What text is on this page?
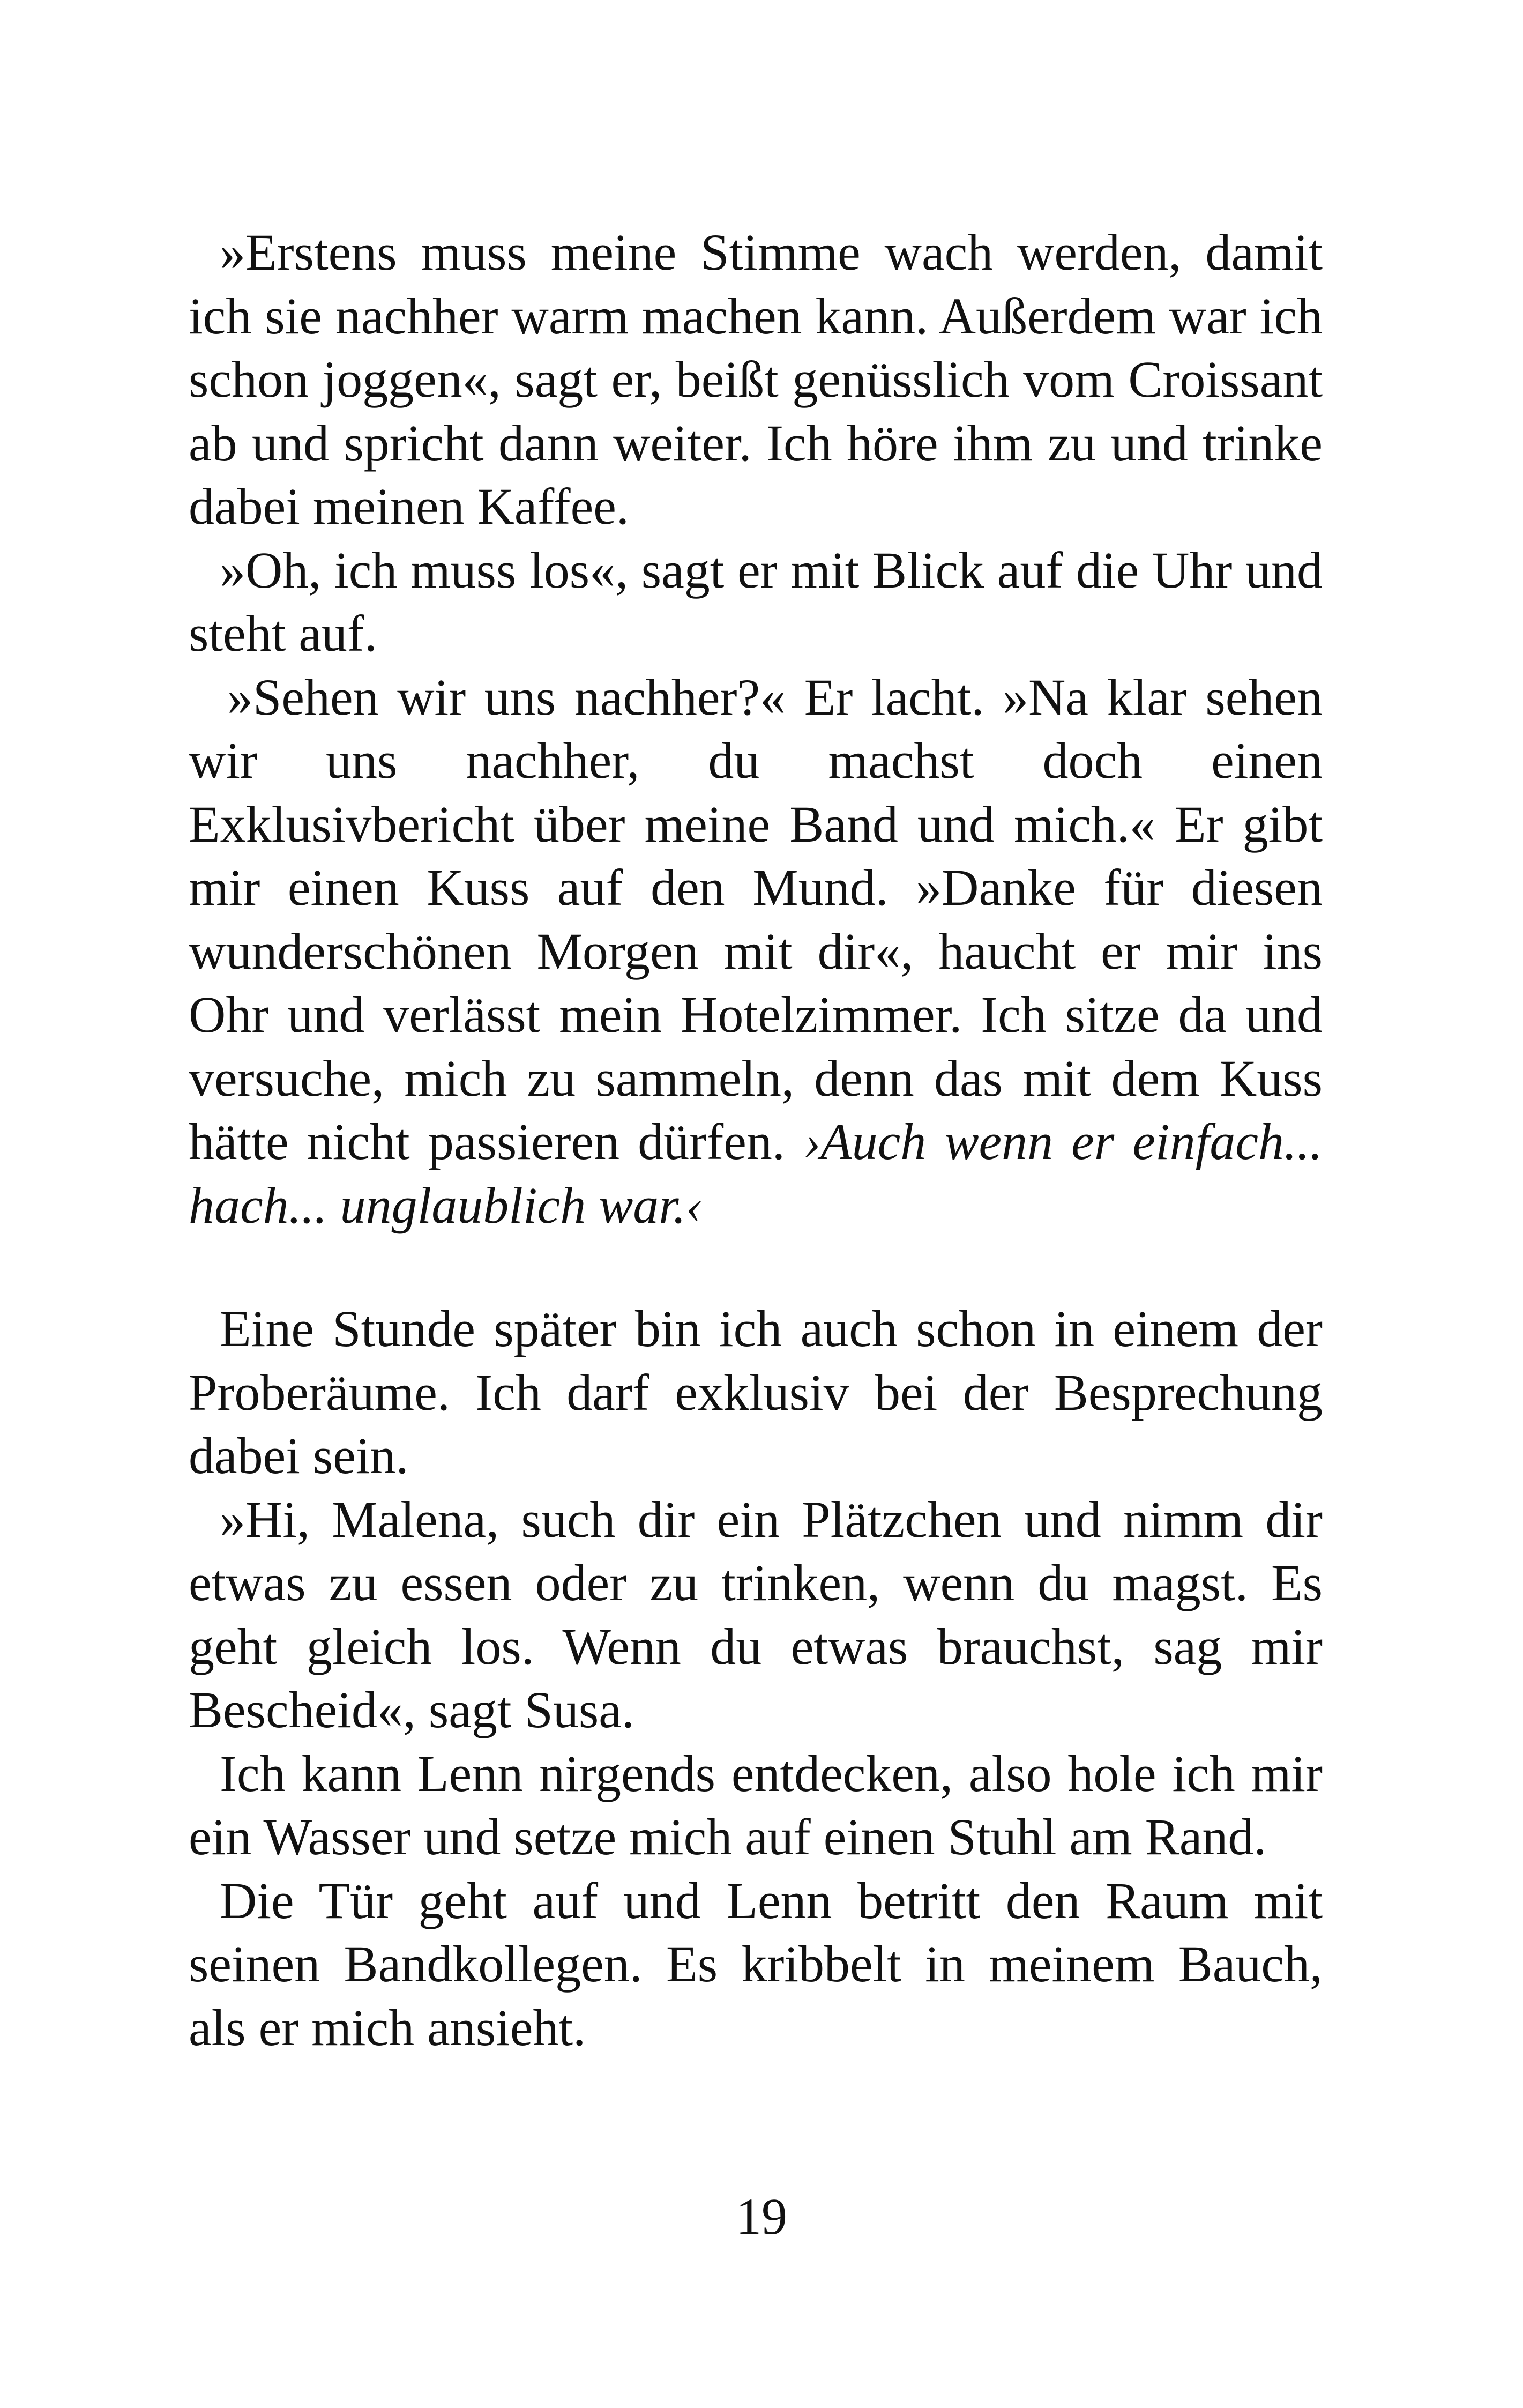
»Erstens muss meine Stimme wach werden, damit ich sie nachher warm machen kann. Außerdem war ich schon joggen«, sagt er, beißt genüsslich vom Croissant ab und spricht dann weiter. Ich höre ihm zu und trinke dabei meinen Kaffee.

»Oh, ich muss los«, sagt er mit Blick auf die Uhr und steht auf.

»Sehen wir uns nachher?« Er lacht. »Na klar sehen wir uns nachher, du machst doch einen Exklusivbericht über meine Band und mich.« Er gibt mir einen Kuss auf den Mund. »Danke für diesen wunderschönen Morgen mit dir«, haucht er mir ins Ohr und verlässt mein Hotelzimmer. Ich sitze da und versuche, mich zu sammeln, denn das mit dem Kuss hätte nicht passieren dürfen. ›Auch wenn er einfach... hach... unglaublich war.‹

Eine Stunde später bin ich auch schon in einem der Proberäume. Ich darf exklusiv bei der Besprechung dabei sein.

»Hi, Malena, such dir ein Plätzchen und nimm dir etwas zu essen oder zu trinken, wenn du magst. Es geht gleich los. Wenn du etwas brauchst, sag mir Bescheid«, sagt Susa.

Ich kann Lenn nirgends entdecken, also hole ich mir ein Wasser und setze mich auf einen Stuhl am Rand.

Die Tür geht auf und Lenn betritt den Raum mit seinen Bandkollegen. Es kribbelt in meinem Bauch, als er mich ansieht.

19
